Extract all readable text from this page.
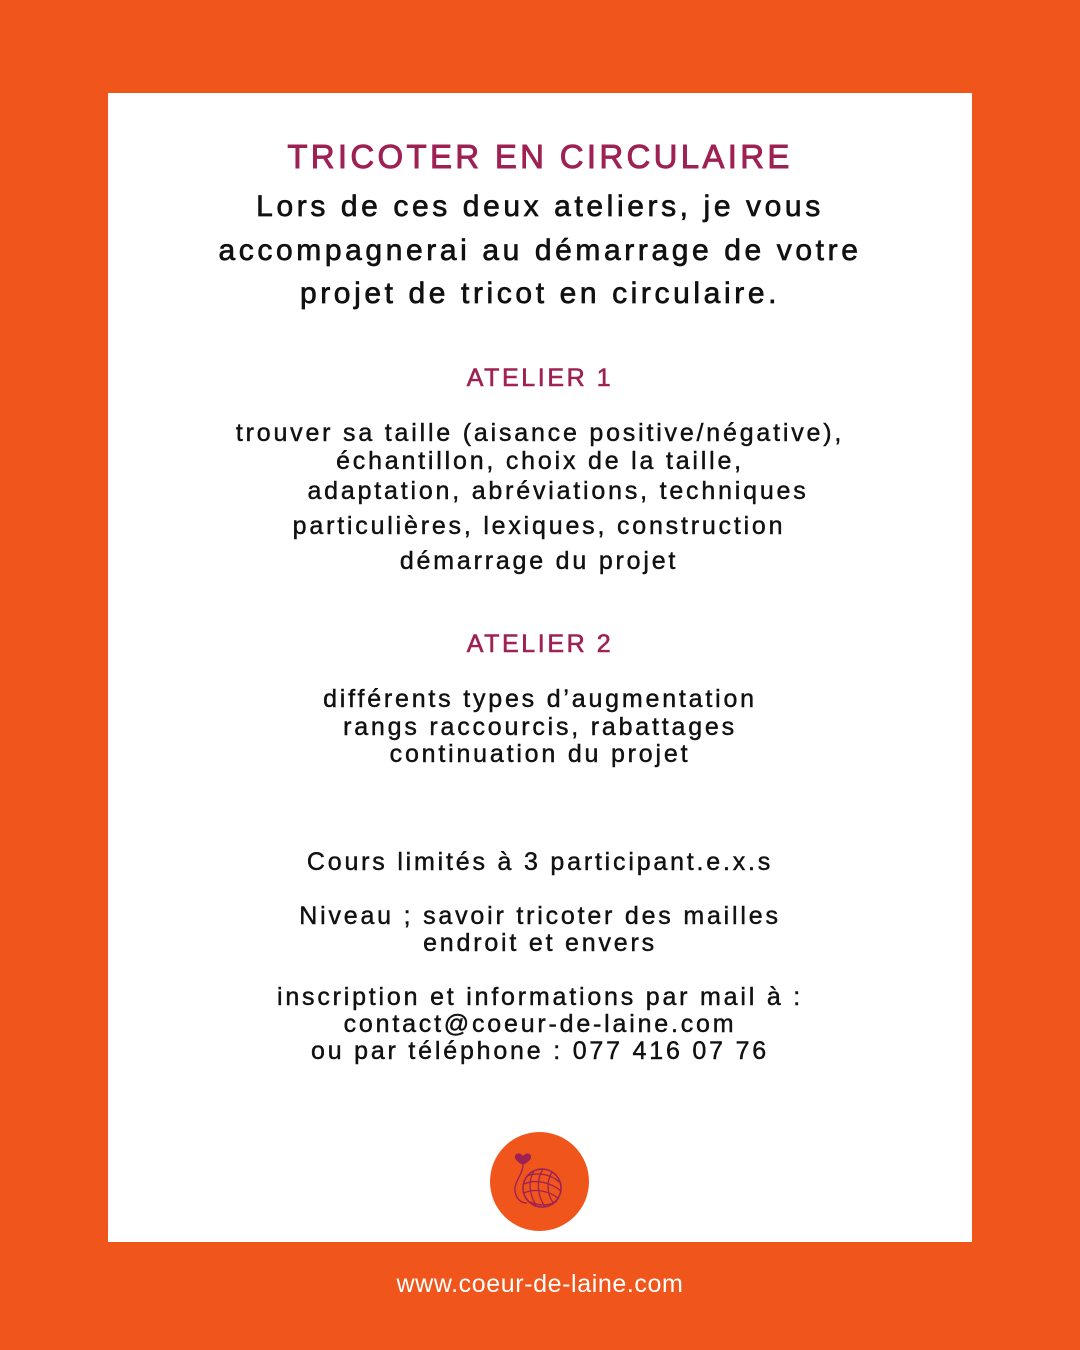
TRICOTER EN CIRCULAIRE
Lors de ces deux ateliers, je vous
accompagnerai au démarrage de votre
projet de tricot en circulaire.
ATELIER 1
trouver sa taille (aisance positive/négative),
échantillon, choix de la taille,
adaptation, abréviations, techniques
particulières, lexiques, construction
démarrage du projet
ATELIER 2
différents types d’augmentation
rangs raccourcis, rabattages
continuation du projet
Cours limités à 3 participant.e.x.s
Niveau ; savoir tricoter des mailles
endroit et envers
inscription et informations par mail à :
contact@coeur-de-laine.com
ou par téléphone : 077 416 07 76
www.coeur-de-laine.com
